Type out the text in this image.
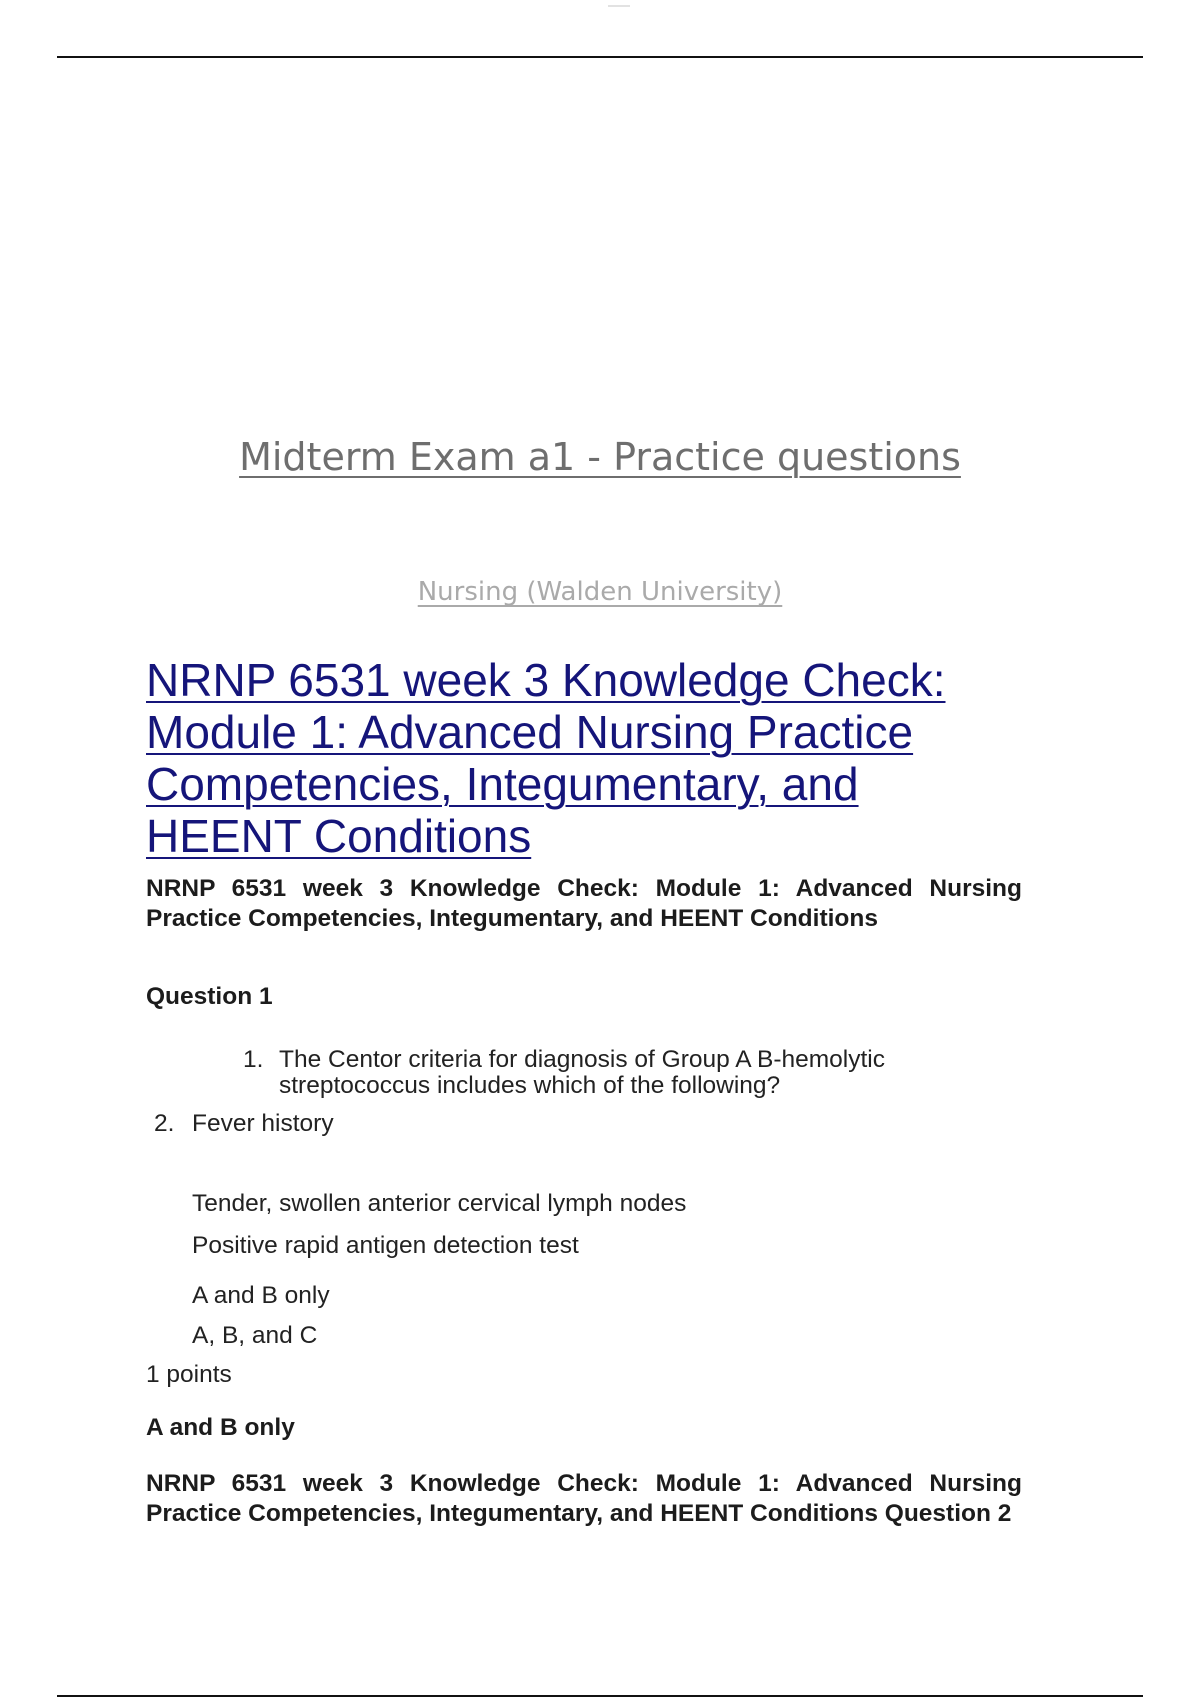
Midterm Exam a1 - Practice questions
Nursing (Walden University)
NRNP 6531 week 3 Knowledge Check:
Module 1: Advanced Nursing Practice
Competencies, Integumentary, and
HEENT Conditions
NRNP 6531 week 3 Knowledge Check: Module 1: Advanced Nursing Practice Competencies, Integumentary, and HEENT Conditions
Question 1
1. The Centor criteria for diagnosis of Group A B-hemolytic streptococcus includes which of the following?
2. Fever history
Tender, swollen anterior cervical lymph nodes
Positive rapid antigen detection test
A and B only
A, B, and C
1 points
A and B only
NRNP 6531 week 3 Knowledge Check: Module 1: Advanced Nursing Practice Competencies, Integumentary, and HEENT Conditions Question 2
